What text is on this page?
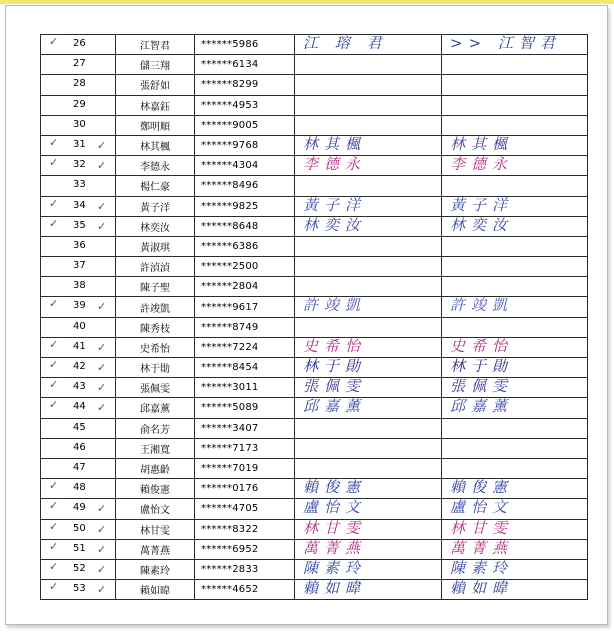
✓ 26	江智君	******5986	江 瑢 君	>> 江智君

27	儲三翔	******6134	

28	張舒如	******8299	

29	林嘉鈺	******4953	

30	鄭明順	******9005	

✓ 31 ✓	林其楓	******9768	林其楓	林其楓

✓ 32 ✓	李德永	******4304	李德永	李德永

33	楊仁豪	******8496	

✓ 34 ✓	黃子洋	******9825	黃子洋	黃子洋

✓ 35 ✓	林奕汝	******8648	林奕汝	林奕汝

36	黃淑琪	******6386	

37	許湞湞	******2500	

38	陳子聖	******2804	

✓ 39 ✓	許竣凱	******9617	許竣凱	許竣凱

40	陳秀枝	******8749	

✓ 41 ✓	史希怡	******7224	史希怡	史希怡

✓ 42 ✓	林于勛	******8454	林于勛	林于勛

✓ 43 ✓	張佩雯	******3011	張佩雯	張佩雯

✓ 44 ✓	邱嘉薰	******5089	邱嘉薰	邱嘉薰

45	俞名芳	******3407	

46	王湘寬	******7173	

47	胡惠齡	******7019	

✓ 48	賴俊憲	******0176	賴俊憲	賴俊憲

✓ 49 ✓	盧怡文	******4705	盧怡文	盧怡文

✓ 50 ✓	林甘雯	******8322	林甘雯	林甘雯

✓ 51 ✓	萬菁燕	******6952	萬菁燕	萬菁燕

✓ 52 ✓	陳素玲	******2833	陳素玲	陳素玲

✓ 53 ✓	賴如暐	******4652	賴如暐	賴如暐
